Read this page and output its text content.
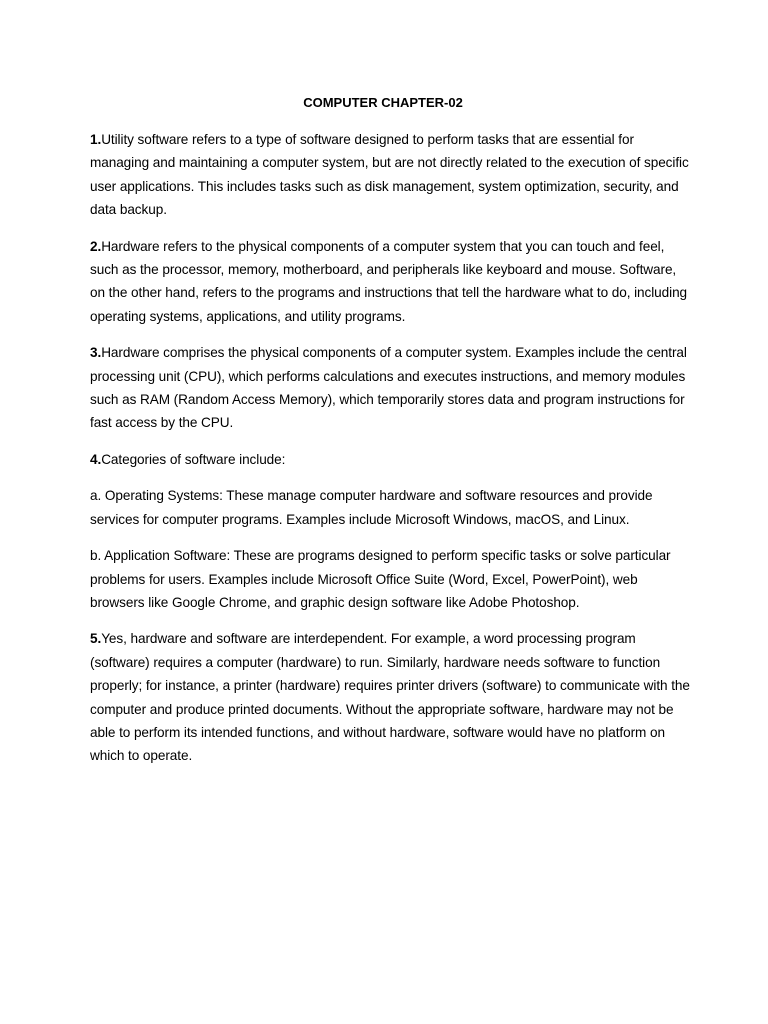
COMPUTER CHAPTER-02

1.Utility software refers to a type of software designed to perform tasks that are essential for managing and maintaining a computer system, but are not directly related to the execution of specific user applications. This includes tasks such as disk management, system optimization, security, and data backup.

2.Hardware refers to the physical components of a computer system that you can touch and feel, such as the processor, memory, motherboard, and peripherals like keyboard and mouse. Software, on the other hand, refers to the programs and instructions that tell the hardware what to do, including operating systems, applications, and utility programs.

3.Hardware comprises the physical components of a computer system. Examples include the central processing unit (CPU), which performs calculations and executes instructions, and memory modules such as RAM (Random Access Memory), which temporarily stores data and program instructions for fast access by the CPU.

4.Categories of software include:

a. Operating Systems: These manage computer hardware and software resources and provide services for computer programs. Examples include Microsoft Windows, macOS, and Linux.

b. Application Software: These are programs designed to perform specific tasks or solve particular problems for users. Examples include Microsoft Office Suite (Word, Excel, PowerPoint), web browsers like Google Chrome, and graphic design software like Adobe Photoshop.

5.Yes, hardware and software are interdependent. For example, a word processing program (software) requires a computer (hardware) to run. Similarly, hardware needs software to function properly; for instance, a printer (hardware) requires printer drivers (software) to communicate with the computer and produce printed documents. Without the appropriate software, hardware may not be able to perform its intended functions, and without hardware, software would have no platform on which to operate.
